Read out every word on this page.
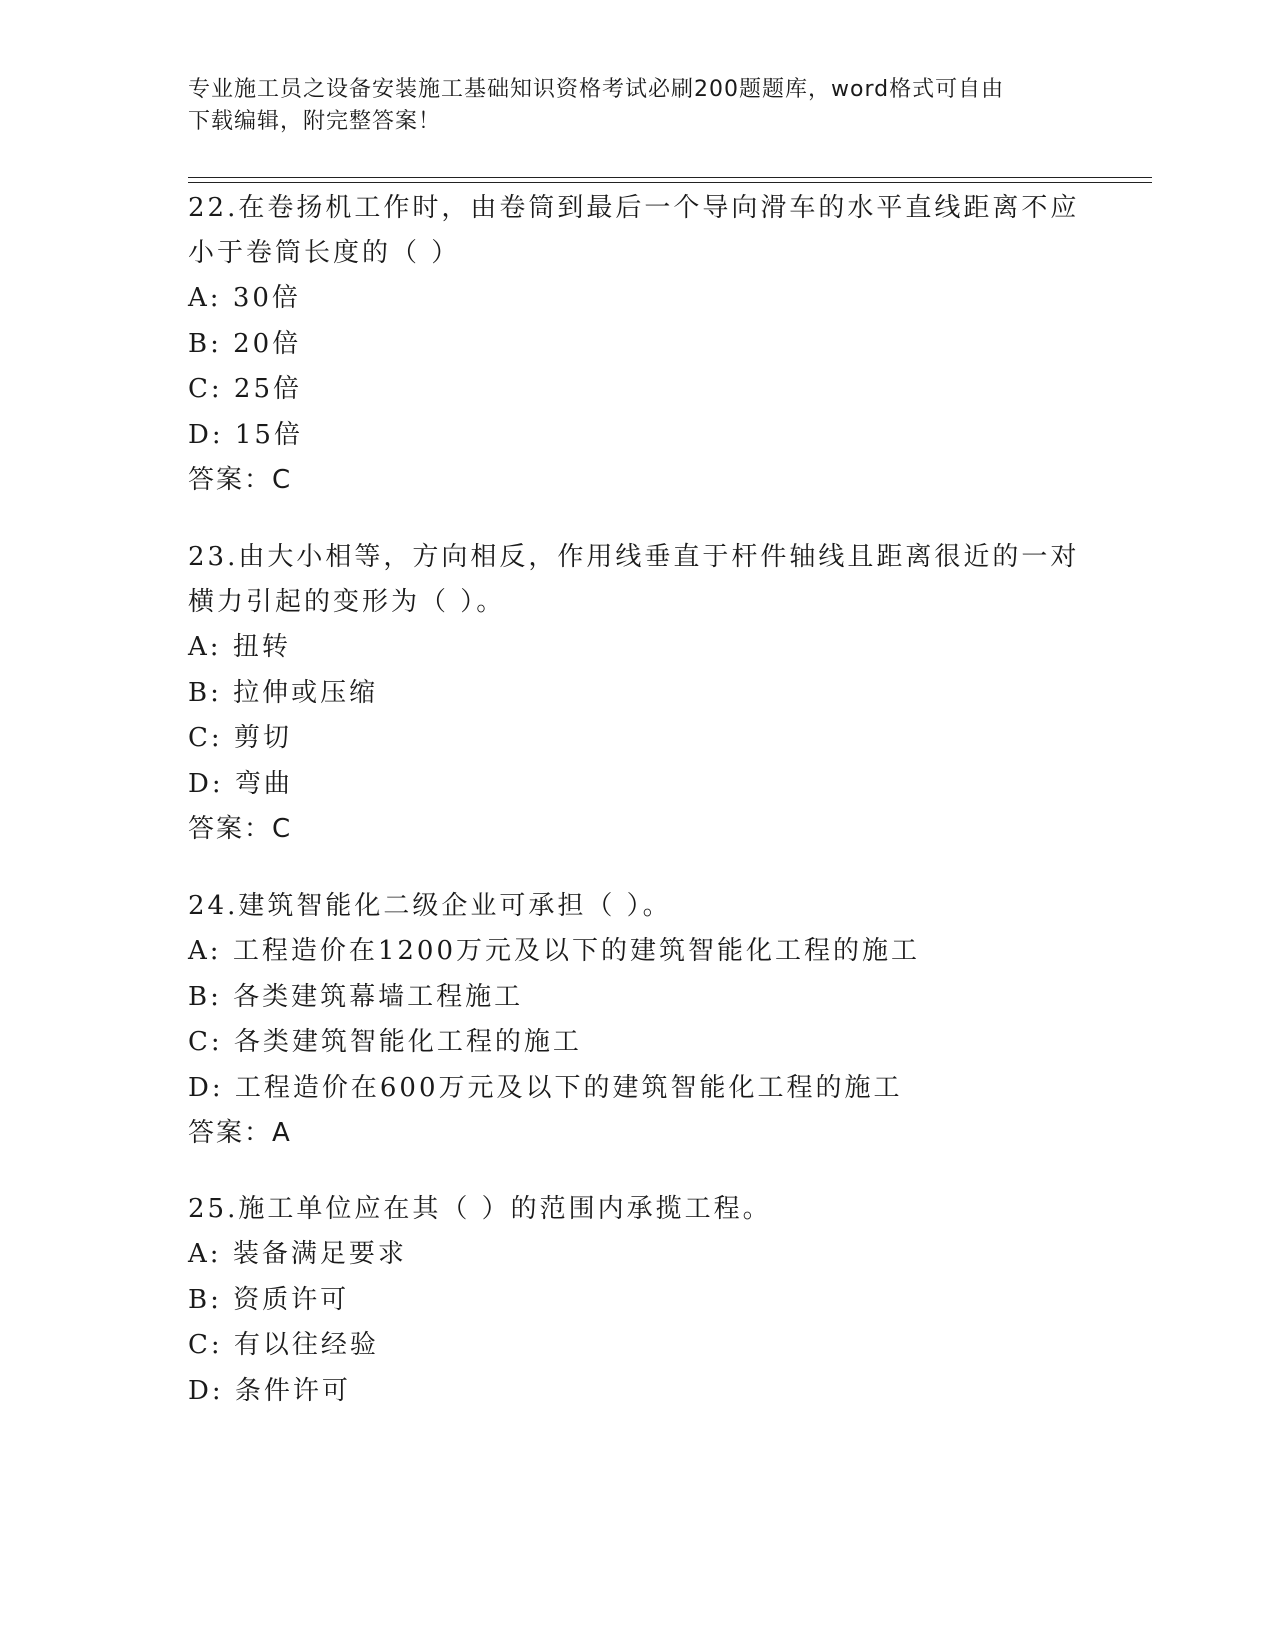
专业施工员之设备安装施工基础知识资格考试必刷200题题库，word格式可自由
下载编辑，附完整答案！
22.在卷扬机工作时，由卷筒到最后一个导向滑车的水平直线距离不应
小于卷筒长度的（ ）
A: 30倍
B: 20倍
C: 25倍
D: 15倍
答案：C
23.由大小相等，方向相反，作用线垂直于杆件轴线且距离很近的一对
横力引起的变形为（ ）。
A: 扭转
B: 拉伸或压缩
C: 剪切
D: 弯曲
答案：C
24.建筑智能化二级企业可承担（ ）。
A: 工程造价在1200万元及以下的建筑智能化工程的施工
B: 各类建筑幕墙工程施工
C: 各类建筑智能化工程的施工
D: 工程造价在600万元及以下的建筑智能化工程的施工
答案：A
25.施工单位应在其（ ）的范围内承揽工程。
A: 装备满足要求
B: 资质许可
C: 有以往经验
D: 条件许可
